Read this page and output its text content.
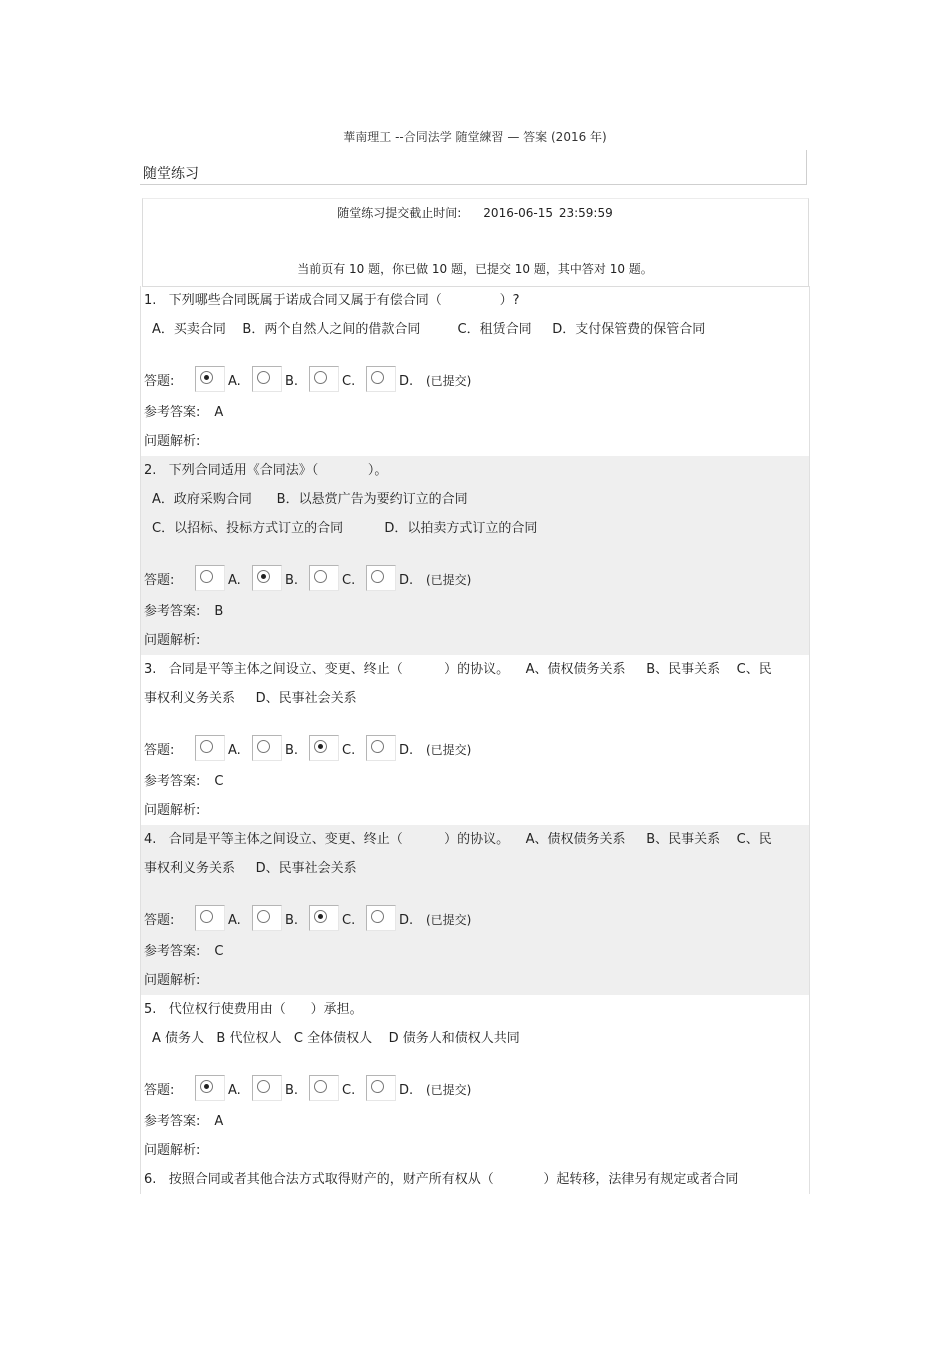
華南理工 --合同法学 随堂練習 — 答案 (2016 年)
随堂练习
随堂练习提交截止时间: 2016-06-15 23:59:59
当前页有 10 题，你已做 10 题，已提交 10 题，其中答对 10 题。
1.   下列哪些合同既属于诺成合同又属于有偿合同（              ）?
A．买卖合同    B．两个自然人之间的借款合同         C．租赁合同     D．支付保管费的保管合同
答题:	A.	B.	C.	D.	(已提交)
参考答案: A
问题解析:
2.   下列合同适用《合同法》（            ）。
A．政府采购合同      B．以悬赏广告为要约订立的合同
C．以招标、投标方式订立的合同          D．以拍卖方式订立的合同
答题:	A.	B.	C.	D.	(已提交)
参考答案: B
问题解析:
3.   合同是平等主体之间设立、变更、终止（          ）的协议。    A、债权债务关系     B、民事关系    C、民
事权利义务关系     D、民事社会关系
答题:	A.	B.	C.	D.	(已提交)
参考答案: C
问题解析:
4.   合同是平等主体之间设立、变更、终止（          ）的协议。    A、债权债务关系     B、民事关系    C、民
事权利义务关系     D、民事社会关系
答题:	A.	B.	C.	D.	(已提交)
参考答案: C
问题解析:
5.   代位权行使费用由（      ）承担。
A 债务人   B 代位权人   C 全体债权人    D 债务人和债权人共同
答题:	A.	B.	C.	D.	(已提交)
参考答案: A
问题解析:
6.   按照合同或者其他合法方式取得财产的，财产所有权从（            ）起转移，法律另有规定或者合同
